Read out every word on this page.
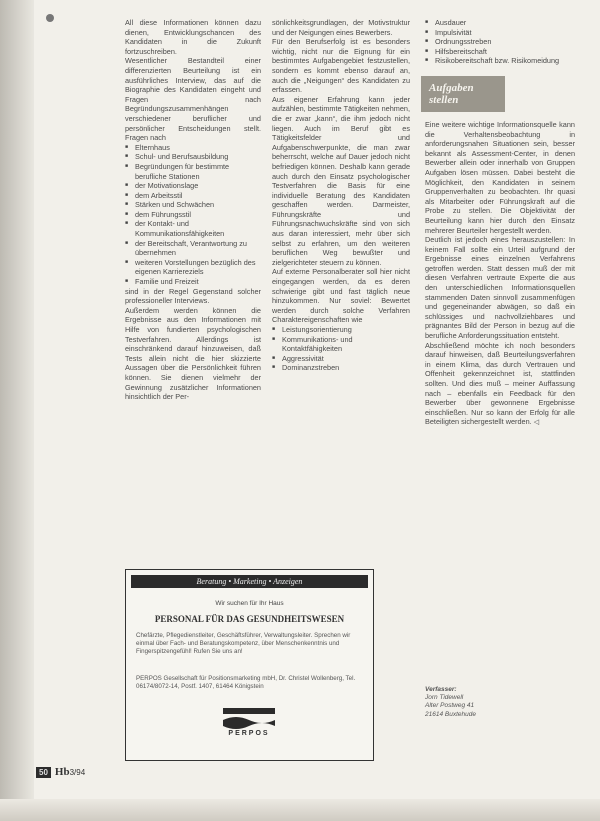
All diese Informationen können dazu dienen, Entwicklungschancen des Kandidaten in die Zukunft fortzuschreiben.

Wesentlicher Bestandteil einer differenzierten Beurteilung ist ein ausführliches Interview, das auf die Biographie des Kandidaten eingeht und Fragen nach Begründungszusammenhängen verschiedener beruflicher und persönlicher Entscheidungen stellt. Fragen nach

■ Elternhaus
■ Schul- und Berufsausbildung
■ Begründungen für bestimmte berufliche Stationen
■ der Motivationslage
■ dem Arbeitsstil
■ Stärken und Schwächen
■ dem Führungsstil
■ der Kontakt- und Kommunikationsfähigkeiten
■ der Bereitschaft, Verantwortung zu übernehmen
■ weiteren Vorstellungen bezüglich des eigenen Karriereziels
■ Familie und Freizeit

sind in der Regel Gegenstand solcher professioneller Interviews.

Außerdem werden können die Ergebnisse aus den Informationen mit Hilfe von fundierten psychologischen Testverfahren. Allerdings ist einschränkend darauf hinzuweisen, daß Tests allein nicht die hier skizzierte Aussagen über die Persönlichkeit führen können. Sie dienen vielmehr der Gewinnung zusätzlicher Informationen hinsichtlich der Per-

sönlichkeitsgrundlagen, der Motivstruktur und der Neigungen eines Bewerbers.

Für den Berufserfolg ist es besonders wichtig, nicht nur die Eignung für ein bestimmtes Aufgabengebiet festzustellen, sondern es kommt ebenso darauf an, auch die „Neigungen“ des Kandidaten zu erfassen.

Aus eigener Erfahrung kann jeder aufzählen, bestimmte Tätigkeiten nehmen, die er zwar „kann“, die ihm jedoch nicht liegen. Auch im Beruf gibt es Tätigkeitsfelder und Aufgabenschwerpunkte, die man zwar beherrscht, welche auf Dauer jedoch nicht befriedigen können. Deshalb kann gerade auch durch den Einsatz psychologischer Testverfahren die Basis für eine individuelle Beratung des Kandidaten geschaffen werden. Darmeister, Führungskräfte und Führungsnachwuchskräfte sind von sich aus daran interessiert, mehr über sich selbst zu erfahren, um den weiteren beruflichen Weg bewußter und zielgerichteter steuern zu können.

Auf externe Personalberater soll hier nicht eingegangen werden, da es deren schwierige gibt und fast täglich neue hinzukommen. Nur soviel: Bewertet werden durch solche Verfahren Charaktereigenschaften wie

■ Leistungsorientierung
■ Kommunikations- und Kontaktfähigkeiten
■ Aggressivität
■ Dominanzstreben
■ Ausdauer
■ Impulsivität
■ Ordnungsstreben
■ Hilfsbereitschaft
■ Risikobereitschaft bzw. Risikomeidung
Aufgaben
stellen

Eine weitere wichtige Informationsquelle kann die Verhaltensbeobachtung in anforderungsnahen Situationen sein, besser bekannt als Assessment-Center, in denen Bewerber allein oder innerhalb von Gruppen Aufgaben lösen müssen. Dabei besteht die Möglichkeit, den Kandidaten in seinem Gruppenverhalten zu beobachten. Ihr quasi als Mitarbeiter oder Führungskraft auf die Probe zu stellen. Die Objektivität der Beurteilung kann hier durch den Einsatz mehrerer Beurteiler hergestellt werden.

Deutlich ist jedoch eines herauszustellen: In keinem Fall sollte ein Urteil aufgrund der Ergebnisse eines einzelnen Verfahrens getroffen werden. Statt dessen muß der mit diesen Verfahren vertraute Experte die aus den unterschiedlichen Informationsquellen stammenden Daten sinnvoll zusammenfügen und gegeneinander abwägen, so daß ein schlüssiges und nachvollziehbares und prägnantes Bild der Person in bezug auf die berufliche Anforderungssituation entsteht.

Abschließend möchte ich noch besonders darauf hinweisen, daß Beurteilungsverfahren in einem Klima, das durch Vertrauen und Offenheit gekennzeichnet ist, stattfinden sollten. Und dies muß – meiner Auffassung nach – ebenfalls ein Feedback für den Bewerber über gewonnene Ergebnisse einschließen. Nur so kann der Erfolg für alle Beteiligten sichergestellt werden. ◁

Beratung • Marketing • Anzeigen
Wir suchen für Ihr Haus
PERSONAL FÜR DAS GESUNDHEITSWESEN
Chefärzte, Pflegedienstleiter, Geschäftsführer, Verwaltungsleiter. Sprechen wir einmal über Fach- und Beratungskompetenz, über Menschenkenntnis und Fingerspitzengefühl! Rufen Sie uns an!
PERPOS Gesellschaft für Positionsmarketing mbH, Dr. Christel Wollenberg, Tel. 06174/8072-14, Postf. 1407, 61464 Königstein
PERPOS
Verfasser:
Jorn Tidewell
Alter Postweg 41
21614 Buxtehude
50 Hb3/94
